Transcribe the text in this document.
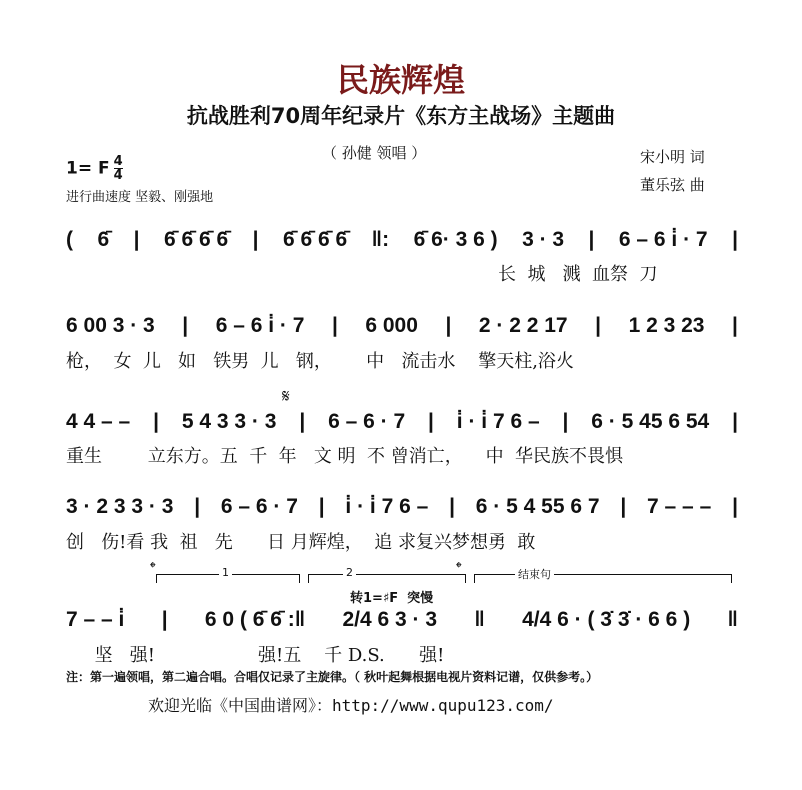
民族辉煌
抗战胜利70周年纪录片《东方主战场》主题曲
（ 孙健 领唱 ）
1= F $\frac{4}{4}$
进行曲速度 坚毅、刚强地
宋小明 词
董乐弦 曲
( 6̄ | 6̄ 6̄ 6̄ 6̄ | 6̄ 6̄ 6̄ 6̄ ‖: 6̄ 6· 3 6 ) 3 · 3 | 6 – 6 i̇ · 7 |
长  城   溅  血祭  刀
6 00 3 · 3 | 6 – 6 i̇ · 7 | 6 000 | 2 · 2 2 17 | 1 2 3 23 |
枪，  女  儿   如   铁男  儿   钢，      中   流击水    擎天柱,浴火
4 4 – – | 5 4 3 3 · 3 | 6 – 6 · 7 | i̇ · i̇ 7 6 – | 6 · 5 45 6 54 |
重生        立东方。五  千  年   文 明  不 曾消亡，    中  华民族不畏惧
3 · 2 3 3 · 3 | 6 – 6 · 7 | i̇ · i̇ 7 6 – | 6 · 5 4 55 6 7 | 7 – – – |
创   伤!看 我  祖   先      日 月辉煌，  追 求复兴梦想勇  敢
7 – – i̇ | 6 0 ( 6̄ 6̄ :‖ 2/4 6 3 · 3 ‖ 4/4 6 · ( 3̇ 3̇ · 6 6 ) ‖
坚   强!                  强!五    千 D.S.      强!
𝄋
𝄌	𝄌
1	2	结束句
转1=♯F  突慢
注：第一遍领唱，第二遍合唱。合唱仅记录了主旋律。（ 秋叶起舞根据电视片资料记谱，仅供参考。）
欢迎光临《中国曲谱网》：http://www.qupu123.com/
